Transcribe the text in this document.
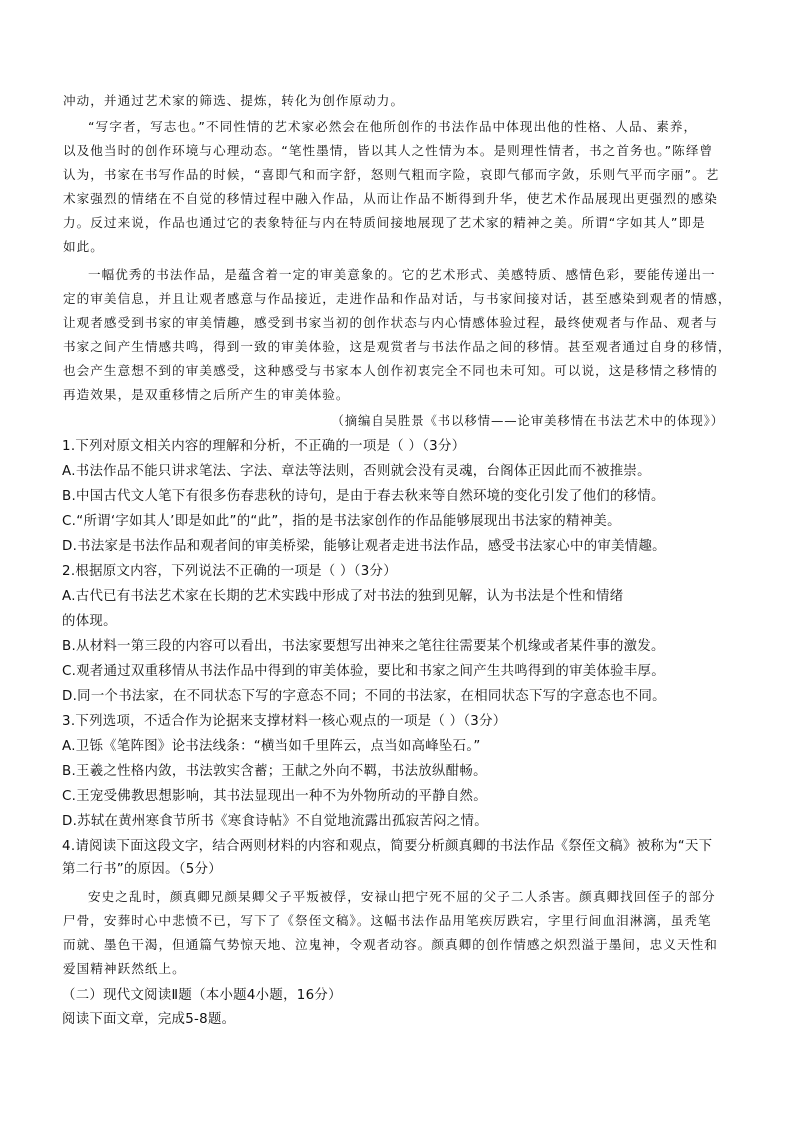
冲动，并通过艺术家的筛选、提炼，转化为创作原动力。
“写字者，写志也。”不同性情的艺术家必然会在他所创作的书法作品中体现出他的性格、人品、素养，
以及他当时的创作环境与心理动态。“笔性墨情，皆以其人之性情为本。是则理性情者，书之首务也。”陈绎曾
认为，书家在书写作品的时候，“喜即气和而字舒，怒则气粗而字险，哀即气郁而字敛，乐则气平而字丽”。艺
术家强烈的情绪在不自觉的移情过程中融入作品，从而让作品不断得到升华，使艺术作品展现出更强烈的感染
力。反过来说，作品也通过它的表象特征与内在特质间接地展现了艺术家的精神之美。所谓“字如其人”即是
如此。
一幅优秀的书法作品，是蕴含着一定的审美意象的。它的艺术形式、美感特质、感情色彩，要能传递出一
定的审美信息，并且让观者感意与作品接近，走进作品和作品对话，与书家间接对话，甚至感染到观者的情感，
让观者感受到书家的审美情趣，感受到书家当初的创作状态与内心情感体验过程，最终使观者与作品、观者与
书家之间产生情感共鸣，得到一致的审美体验，这是观赏者与书法作品之间的移情。甚至观者通过自身的移情，
也会产生意想不到的审美感受，这种感受与书家本人创作初衷完全不同也未可知。可以说，这是移情之移情的
再造效果，是双重移情之后所产生的审美体验。
（摘编自吴胜景《书以移情——论审美移情在书法艺术中的体现》）
1.下列对原文相关内容的理解和分析，不正确的一项是（ ）（3分）
A.书法作品不能只讲求笔法、字法、章法等法则，否则就会没有灵魂，台阁体正因此而不被推崇。
B.中国古代文人笔下有很多伤春悲秋的诗句，是由于春去秋来等自然环境的变化引发了他们的移情。
C.“所谓‘字如其人’即是如此”的“此”，指的是书法家创作的作品能够展现出书法家的精神美。
D.书法家是书法作品和观者间的审美桥梁，能够让观者走进书法作品，感受书法家心中的审美情趣。
2.根据原文内容，下列说法不正确的一项是（ ）（3分）
A.古代已有书法艺术家在长期的艺术实践中形成了对书法的独到见解，认为书法是个性和情绪
的体现。
B.从材料一第三段的内容可以看出，书法家要想写出神来之笔往往需要某个机缘或者某件事的激发。
C.观者通过双重移情从书法作品中得到的审美体验，要比和书家之间产生共鸣得到的审美体验丰厚。
D.同一个书法家，在不同状态下写的字意态不同；不同的书法家，在相同状态下写的字意态也不同。
3.下列选项，不适合作为论据来支撑材料一核心观点的一项是（ ）（3分）
A.卫铄《笔阵图》论书法线条：“横当如千里阵云，点当如高峰坠石。”
B.王羲之性格内敛，书法敦实含蓄；王献之外向不羁，书法放纵酣畅。
C.王宠受佛教思想影响，其书法显现出一种不为外物所动的平静自然。
D.苏轼在黄州寒食节所书《寒食诗帖》不自觉地流露出孤寂苦闷之情。
4.请阅读下面这段文字，结合两则材料的内容和观点，简要分析颜真卿的书法作品《祭侄文稿》被称为“天下
第二行书”的原因。（5分）
安史之乱时，颜真卿兄颜杲卿父子平叛被俘，安禄山把宁死不屈的父子二人杀害。颜真卿找回侄子的部分
尸骨，安葬时心中悲愤不已，写下了《祭侄文稿》。这幅书法作品用笔疾厉跌宕，字里行间血泪淋漓，虽秃笔
而就、墨色干渴，但通篇气势惊天地、泣鬼神，令观者动容。颜真卿的创作情感之炽烈溢于墨间，忠义天性和
爱国精神跃然纸上。
（二）现代文阅读Ⅱ题（本小题4小题，16分）
阅读下面文章，完成5-8题。
